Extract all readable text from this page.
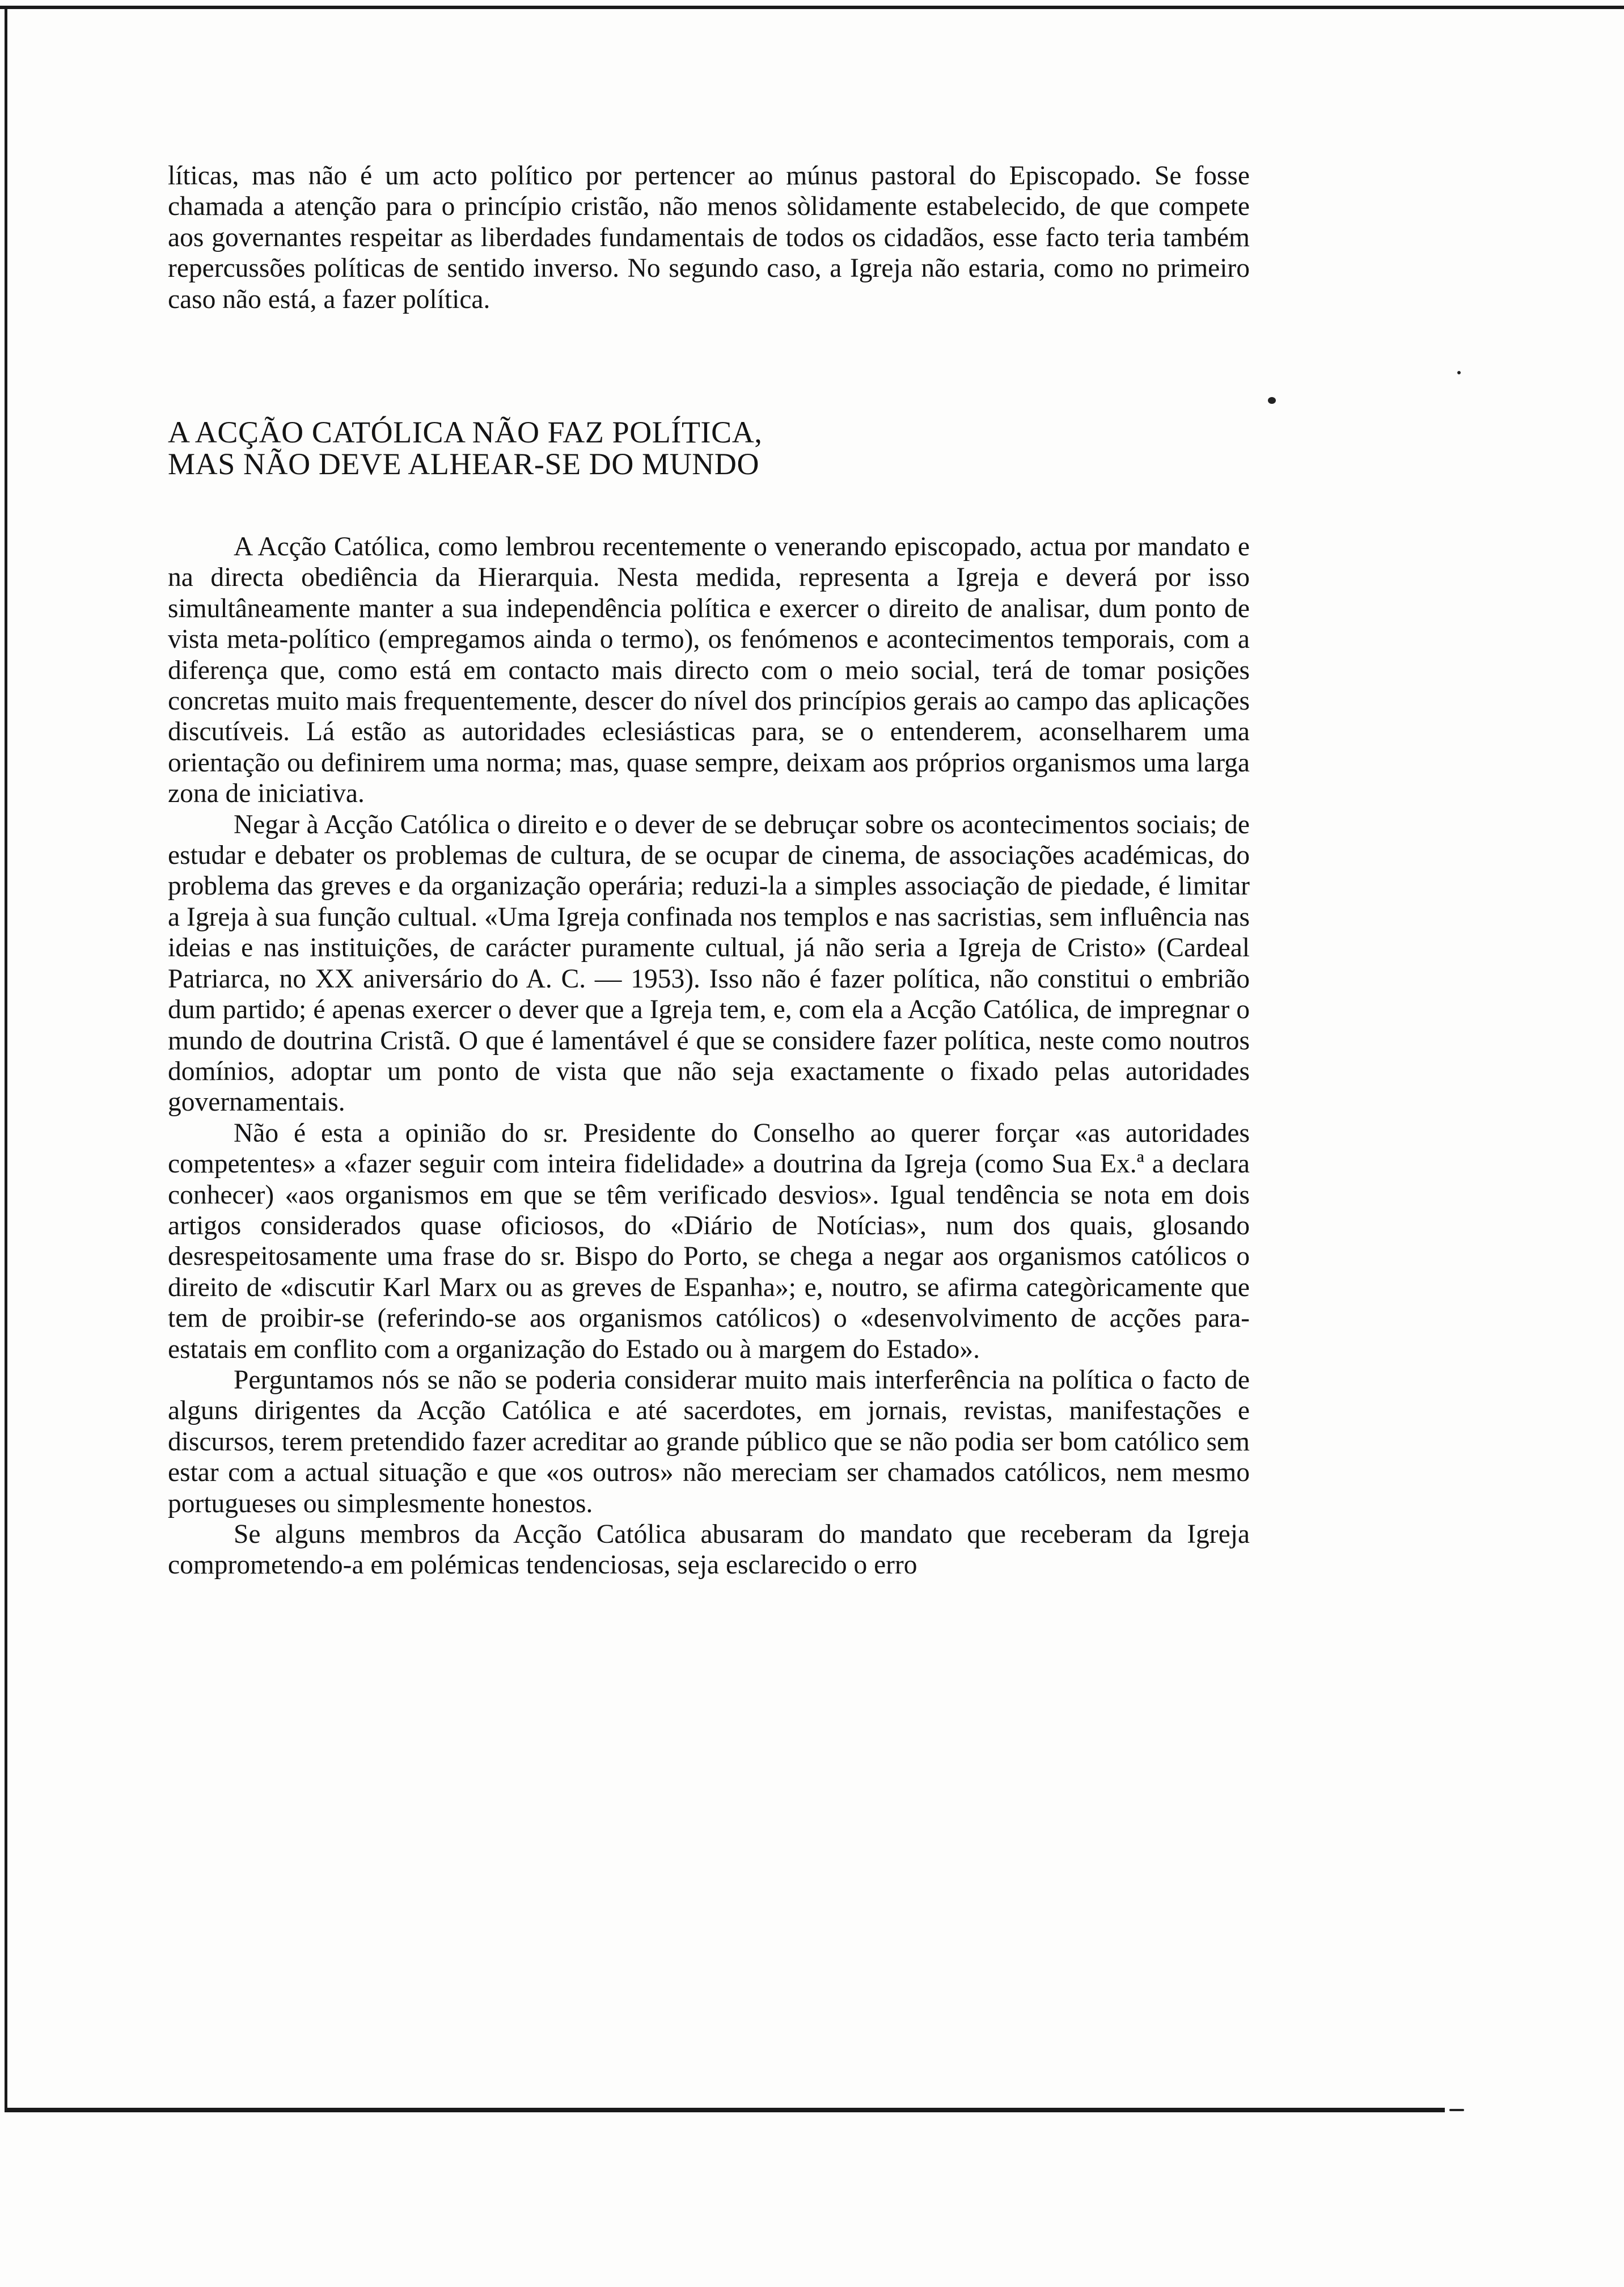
líticas, mas não é um acto político por pertencer ao múnus pastoral do Episcopado. Se fosse chamada a atenção para o princípio cristão, não menos sòlidamente estabelecido, de que compete aos governantes respeitar as liberdades fundamentais de todos os cidadãos, esse facto teria também repercussões políticas de sentido inverso. No segundo caso, a Igreja não estaria, como no primeiro caso não está, a fazer política.

A ACÇÃO CATÓLICA NÃO FAZ POLÍTICA,
MAS NÃO DEVE ALHEAR-SE DO MUNDO

A Acção Católica, como lembrou recentemente o venerando episcopado, actua por mandato e na directa obediência da Hierarquia. Nesta medida, representa a Igreja e deverá por isso simultâneamente manter a sua independência política e exercer o direito de analisar, dum ponto de vista meta-político (empregamos ainda o termo), os fenómenos e acontecimentos temporais, com a diferença que, como está em contacto mais directo com o meio social, terá de tomar posições concretas muito mais frequentemente, descer do nível dos princípios gerais ao campo das aplicações discutíveis. Lá estão as autoridades eclesiásticas para, se o entenderem, aconselharem uma orientação ou definirem uma norma; mas, quase sempre, deixam aos próprios organismos uma larga zona de iniciativa.

Negar à Acção Católica o direito e o dever de se debruçar sobre os acontecimentos sociais; de estudar e debater os problemas de cultura, de se ocupar de cinema, de associações académicas, do problema das greves e da organização operária; reduzi-la a simples associação de piedade, é limitar a Igreja à sua função cultual. «Uma Igreja confinada nos templos e nas sacristias, sem influência nas ideias e nas instituições, de carácter puramente cultual, já não seria a Igreja de Cristo» (Cardeal Patriarca, no XX aniversário do A. C. — 1953). Isso não é fazer política, não constitui o embrião dum partido; é apenas exercer o dever que a Igreja tem, e, com ela a Acção Católica, de impregnar o mundo de doutrina Cristã. O que é lamentável é que se considere fazer política, neste como noutros domínios, adoptar um ponto de vista que não seja exactamente o fixado pelas autoridades governamentais.

Não é esta a opinião do sr. Presidente do Conselho ao querer forçar «as autoridades competentes» a «fazer seguir com inteira fidelidade» a doutrina da Igreja (como Sua Ex.ª a declara conhecer) «aos organismos em que se têm verificado desvios». Igual tendência se nota em dois artigos considerados quase oficiosos, do «Diário de Notícias», num dos quais, glosando desrespeitosamente uma frase do sr. Bispo do Porto, se chega a negar aos organismos católicos o direito de «discutir Karl Marx ou as greves de Espanha»; e, noutro, se afirma categòricamente que tem de proibir-se (referindo-se aos organismos católicos) o «desenvolvimento de acções para-estatais em conflito com a organização do Estado ou à margem do Estado».

Perguntamos nós se não se poderia considerar muito mais interferência na política o facto de alguns dirigentes da Acção Católica e até sacerdotes, em jornais, revistas, manifestações e discursos, terem pretendido fazer acreditar ao grande público que se não podia ser bom católico sem estar com a actual situação e que «os outros» não mereciam ser chamados católicos, nem mesmo portugueses ou simplesmente honestos.

Se alguns membros da Acção Católica abusaram do mandato que receberam da Igreja comprometendo-a em polémicas tendenciosas, seja esclarecido o erro
